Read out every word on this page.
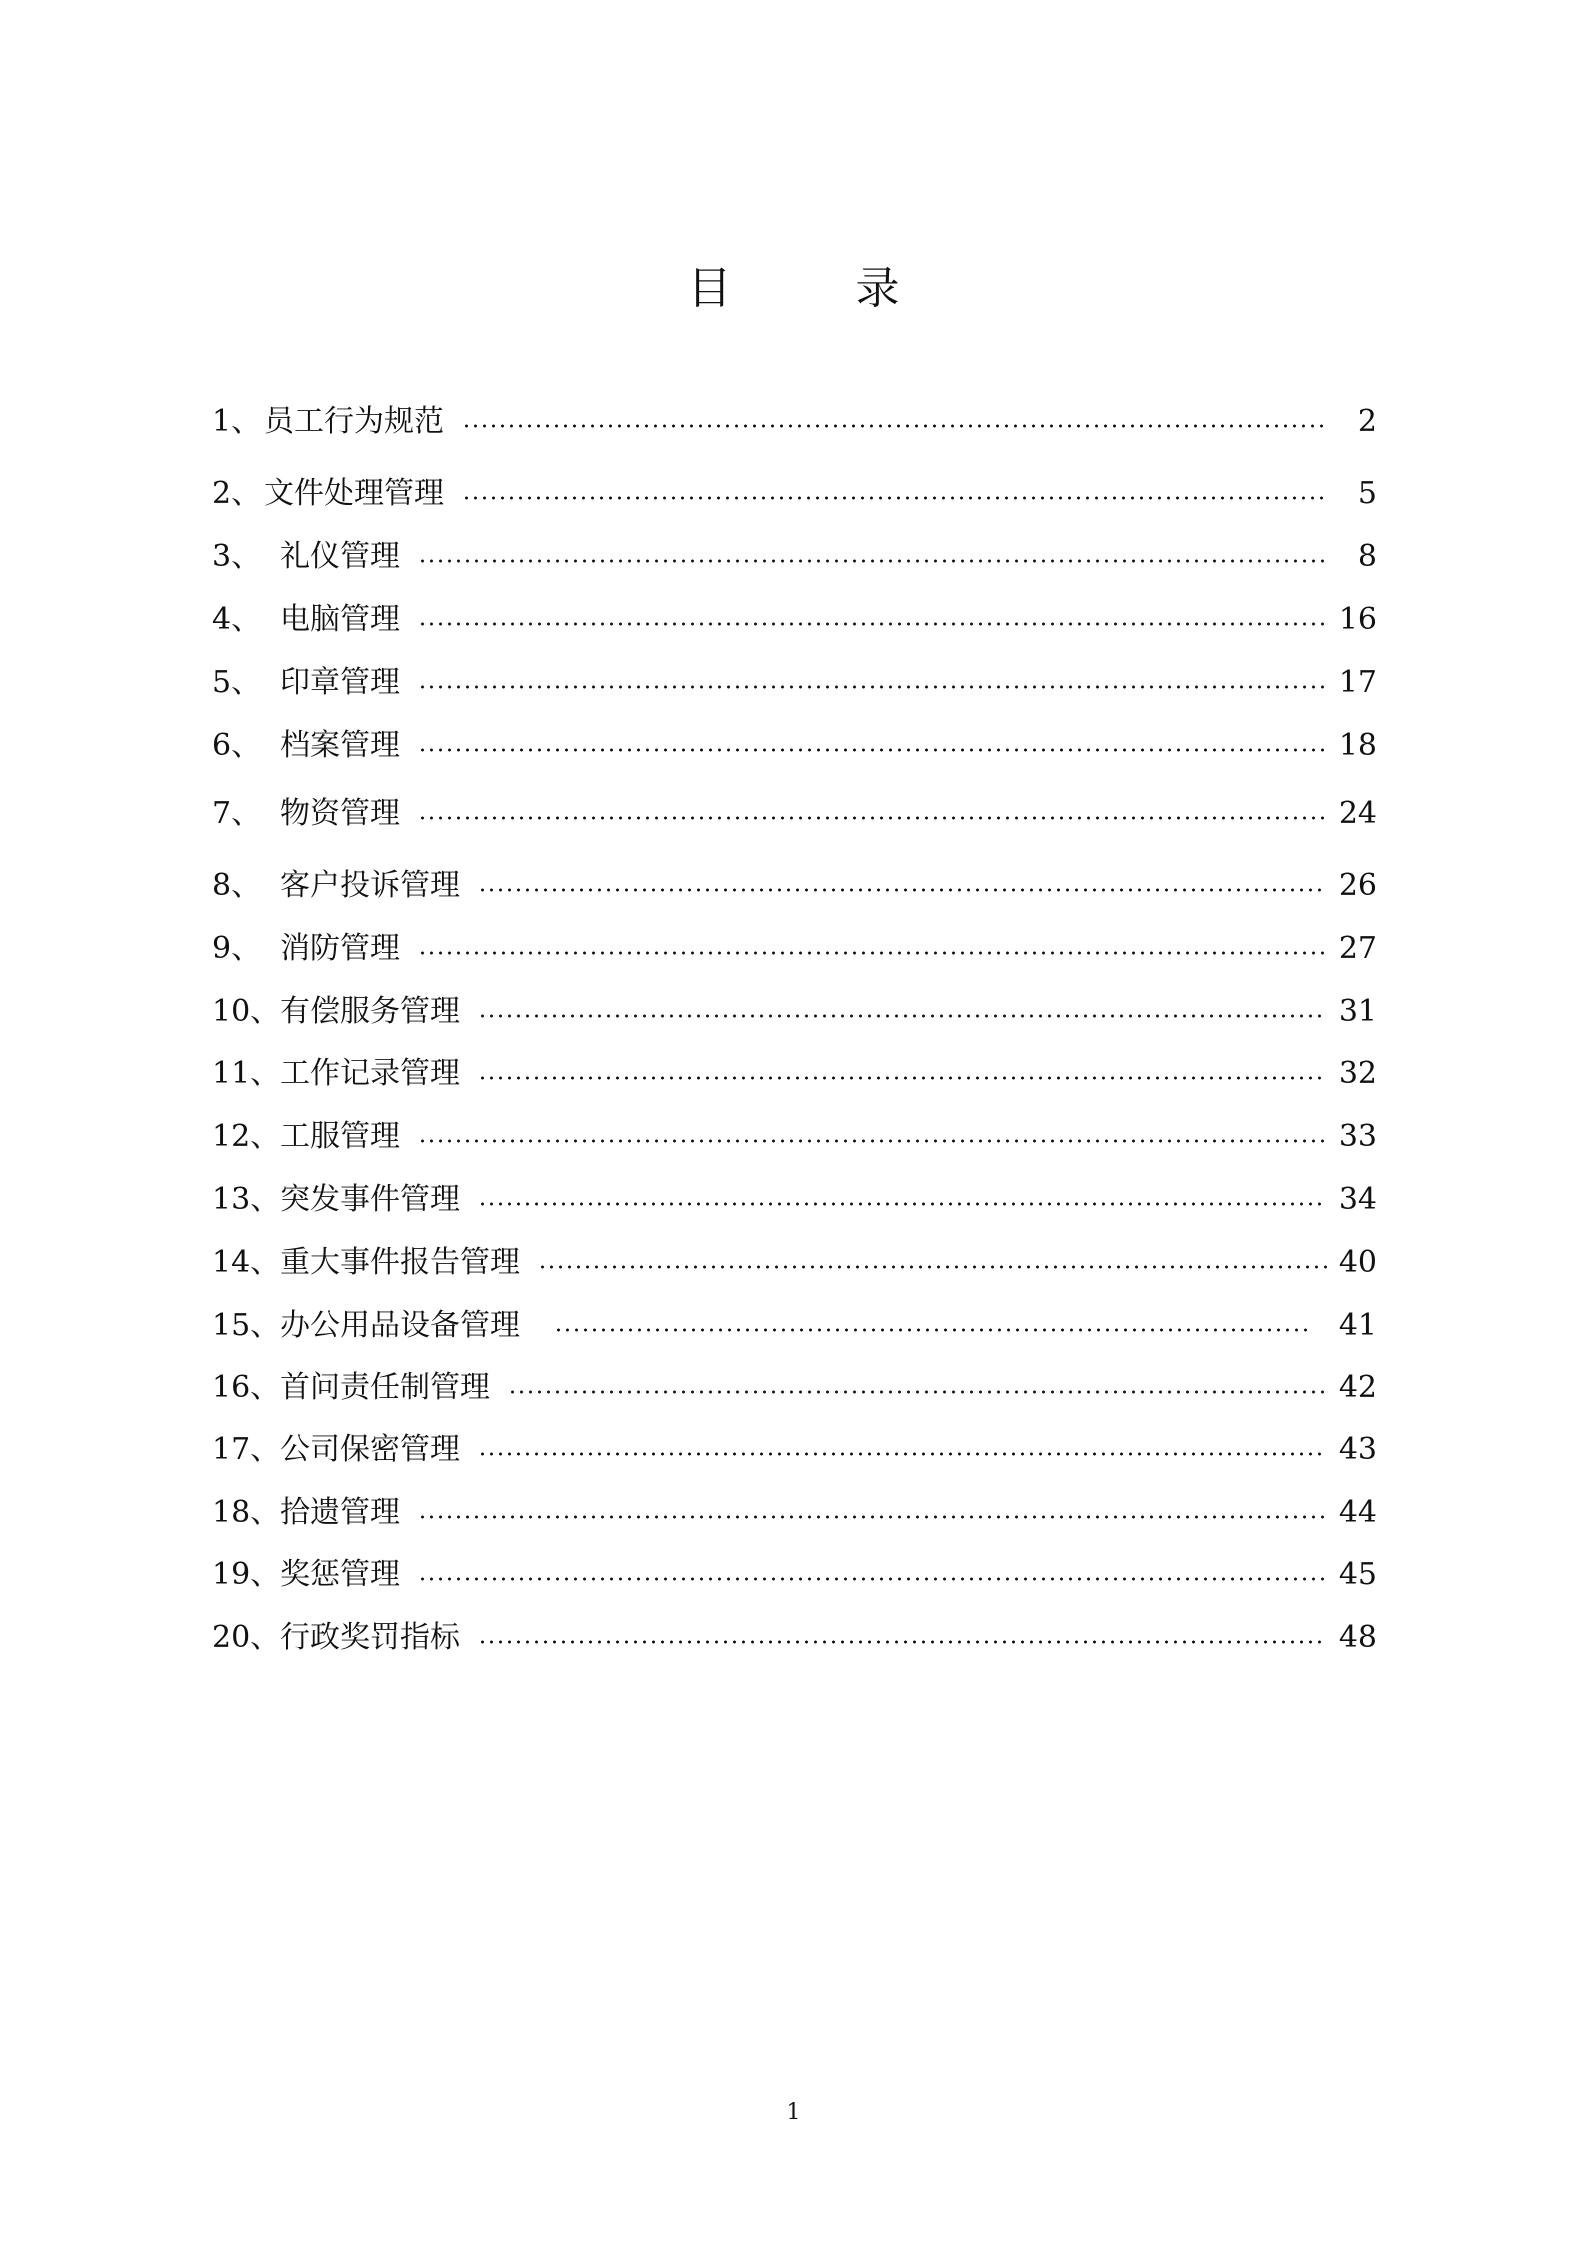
目	录
1、 员工行为规范	2
2、 文件处理管理	5
3、 礼仪管理	8
4、 电脑管理	16
5、 印章管理	17
6、 档案管理	18
7、 物资管理	24
8、 客户投诉管理	26
9、 消防管理	27
10、 有偿服务管理	31
11、 工作记录管理	32
12、 工服管理	33
13、 突发事件管理	34
14、 重大事件报告管理	40
15、 办公用品设备管理	41
16、 首问责任制管理	42
17、 公司保密管理	43
18、 拾遗管理	44
19、 奖惩管理	45
20、 行政奖罚指标	48
1
